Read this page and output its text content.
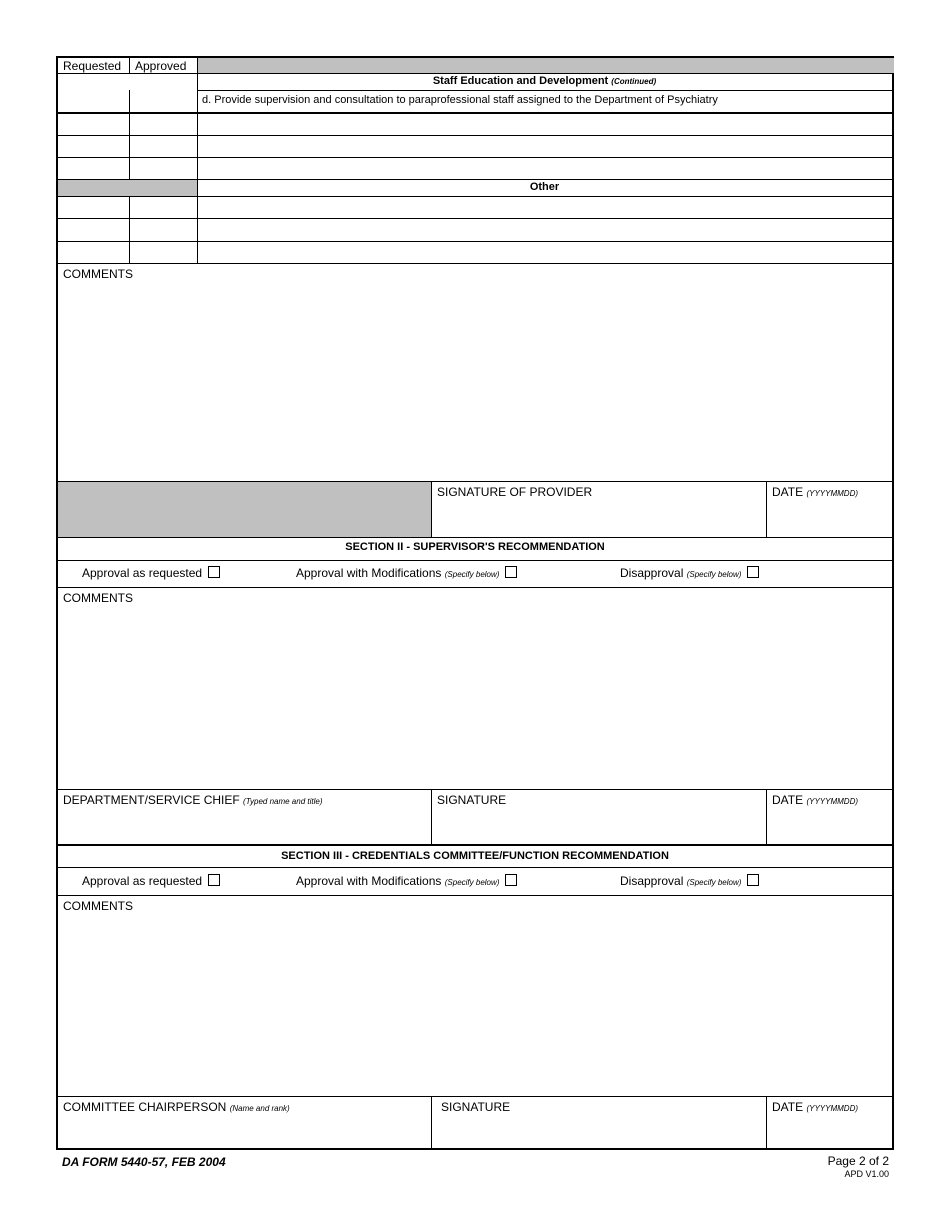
Requested Approved
Staff Education and Development (Continued)
d. Provide supervision and consultation to paraprofessional staff assigned to the Department of Psychiatry
Other
COMMENTS
SIGNATURE OF PROVIDER	DATE (YYYYMMDD)
SECTION II - SUPERVISOR'S RECOMMENDATION
Approval as requested	Approval with Modifications (Specify below)	Disapproval (Specify below)
COMMENTS
DEPARTMENT/SERVICE CHIEF (Typed name and title)	SIGNATURE	DATE (YYYYMMDD)
SECTION III - CREDENTIALS COMMITTEE/FUNCTION RECOMMENDATION
Approval as requested	Approval with Modifications (Specify below)	Disapproval (Specify below)
COMMENTS
COMMITTEE CHAIRPERSON (Name and rank)	SIGNATURE	DATE (YYYYMMDD)
DA FORM 5440-57, FEB 2004	Page 2 of 2
APD V1.00
